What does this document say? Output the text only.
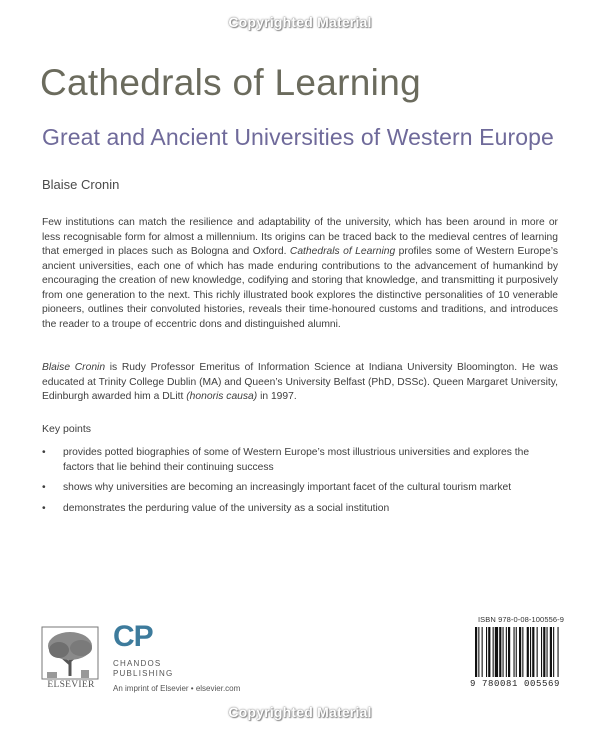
Copyrighted Material
Cathedrals of Learning
Great and Ancient Universities of Western Europe
Blaise Cronin
Few institutions can match the resilience and adaptability of the university, which has been around in more or less recognisable form for almost a millennium. Its origins can be traced back to the medieval centres of learning that emerged in places such as Bologna and Oxford. Cathedrals of Learning profiles some of Western Europe’s ancient universities, each one of which has made enduring contributions to the advancement of humankind by encouraging the creation of new knowledge, codifying and storing that knowledge, and transmitting it purposively from one generation to the next. This richly illustrated book explores the distinctive personalities of 10 venerable pioneers, outlines their convoluted histories, reveals their time-honoured customs and traditions, and introduces the reader to a troupe of eccentric dons and distinguished alumni.
Blaise Cronin is Rudy Professor Emeritus of Information Science at Indiana University Bloomington. He was educated at Trinity College Dublin (MA) and Queen’s University Belfast (PhD, DSSc). Queen Margaret University, Edinburgh awarded him a DLitt (honoris causa) in 1997.
Key points
• provides potted biographies of some of Western Europe’s most illustrious universities and explores the factors that lie behind their continuing success
• shows why universities are becoming an increasingly important facet of the cultural tourism market
• demonstrates the perduring value of the university as a social institution
ELSEVIER
CP
CHANDOS
PUBLISHING
An imprint of Elsevier • elsevier.com
ISBN 978-0-08-100556-9
9 780081 005569
Copyrighted Material
